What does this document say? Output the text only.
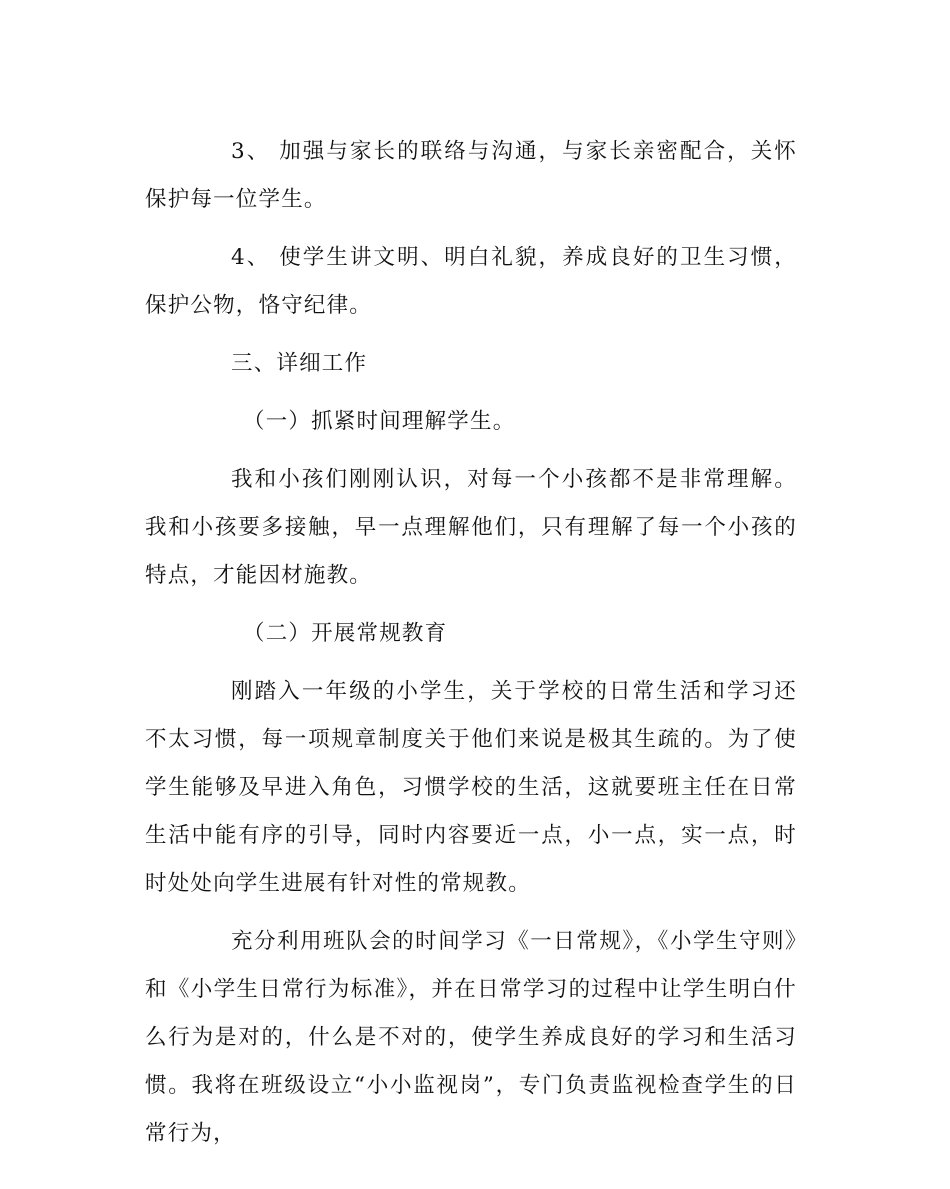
3、 加强与家长的联络与沟通，与家长亲密配合，关怀保护每一位学生。

4、 使学生讲文明、明白礼貌，养成良好的卫生习惯，保护公物，恪守纪律。

三、详细工作

（一）抓紧时间理解学生。

我和小孩们刚刚认识，对每一个小孩都不是非常理解。我和小孩要多接触，早一点理解他们，只有理解了每一个小孩的特点，才能因材施教。

（二）开展常规教育

刚踏入一年级的小学生，关于学校的日常生活和学习还不太习惯，每一项规章制度关于他们来说是极其生疏的。为了使学生能够及早进入角色，习惯学校的生活，这就要班主任在日常生活中能有序的引导，同时内容要近一点，小一点，实一点，时时处处向学生进展有针对性的常规教。

充分利用班队会的时间学习《一日常规》，《小学生守则》和《小学生日常行为标准》，并在日常学习的过程中让学生明白什么行为是对的，什么是不对的，使学生养成良好的学习和生活习惯。我将在班级设立“小小监视岗”，专门负责监视检查学生的日常行为，
